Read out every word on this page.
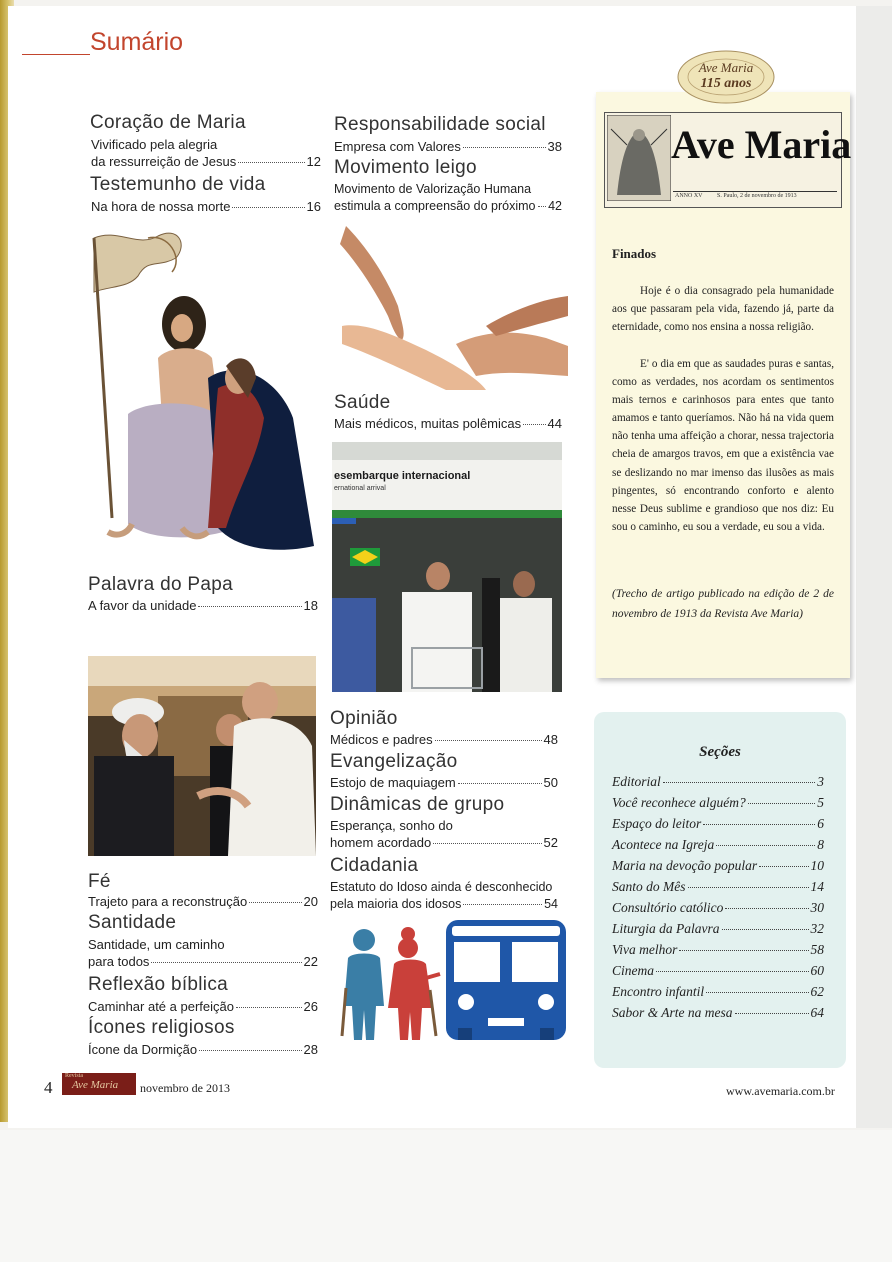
Sumário
Coração de Maria
Vivificado pela alegria
da ressurreição de Jesus	12
Testemunho de vida
Na hora de nossa morte	16
Palavra do Papa
A favor da unidade	18
Fé
Trajeto para a reconstrução	20
Santidade
Santidade, um caminho
para todos	22
Reflexão bíblica
Caminhar até a perfeição	26
Ícones religiosos
Ícone da Dormição	28
Responsabilidade social
Empresa com Valores	38
Movimento leigo
Movimento de Valorização Humana
estimula a compreensão do próximo 42
Saúde
Mais médicos, muitas polêmicas 44
esembarque internacional
ernational arrival
Opinião
Médicos e padres	48
Evangelização
Estojo de maquiagem	50
Dinâmicas de grupo
Esperança, sonho do
homem acordado	52
Cidadania
Estatuto do Idoso ainda é desconhecido
pela maioria dos idosos	54
Ave Maria
115 anos
Ave Maria
ANNO XV S. Paulo, 2 de novembro de 1913
Finados
Hoje é o dia consagrado pela humanidade aos que passaram pela vida, fazendo já, parte da eternidade, como nos ensina a nossa religião.
E' o dia em que as saudades puras e santas, como as verdades, nos acordam os sentimentos mais ternos e carinhosos para entes que tanto amamos e tanto queríamos. Não há na vida quem não tenha uma affeição a chorar, nessa trajectoria cheia de amargos travos, em que a existência vae se deslizando no mar imenso das ilusões as mais pingentes, só encontrando conforto e alento nesse Deus sublime e grandioso que nos diz: Eu sou o caminho, eu sou a verdade, eu sou a vida.
(Trecho de artigo publicado na edição de 2 de novembro de 1913 da Revista Ave Maria)
Seções
Editorial	3
Você reconhece alguém?	5
Espaço do leitor	6
Acontece na Igreja	8
Maria na devoção popular	10
Santo do Mês	14
Consultório católico	30
Liturgia da Palavra	32
Viva melhor	58
Cinema	60
Encontro infantil	62
Sabor & Arte na mesa	64
4
Revista
Ave Maria novembro de 2013	www.avemaria.com.br
